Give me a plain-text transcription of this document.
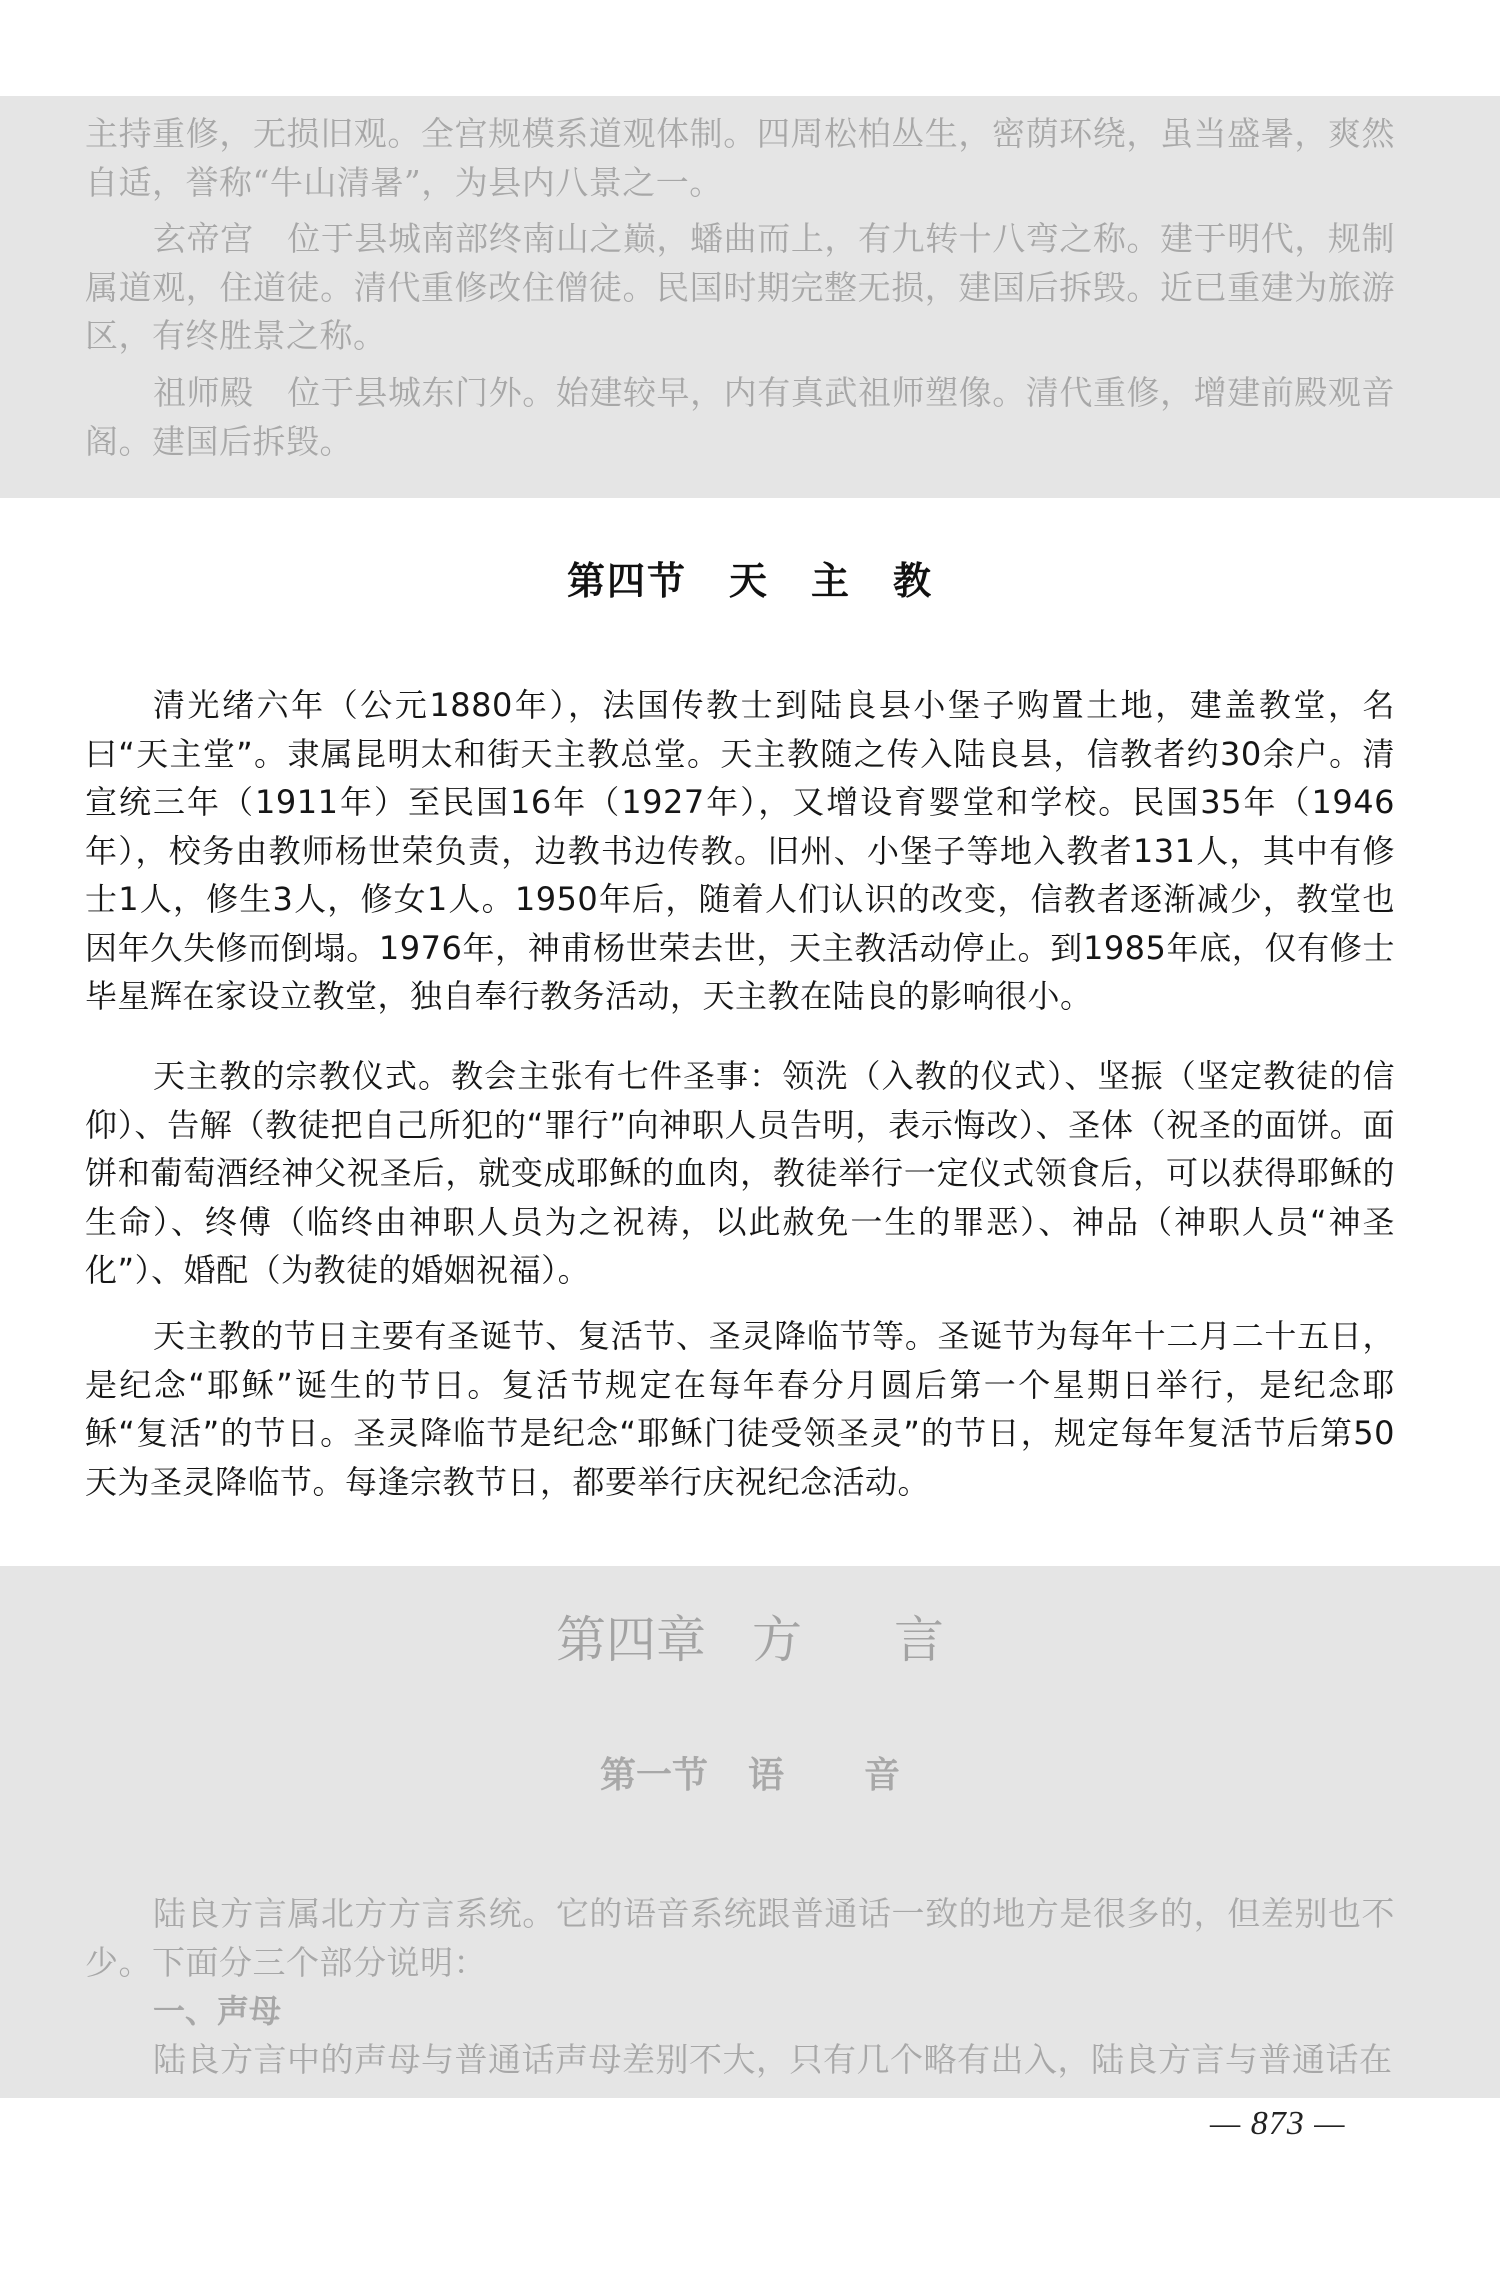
主持重修，无损旧观。全宫规模系道观体制。四周松柏丛生，密荫环绕，虽当盛暑，爽然自适，誉称“牛山清暑”，为县内八景之一。

玄帝宫　位于县城南部终南山之巅，蟠曲而上，有九转十八弯之称。建于明代，规制属道观，住道徒。清代重修改住僧徒。民国时期完整无损，建国后拆毁。近已重建为旅游区，有终胜景之称。

祖师殿　位于县城东门外。始建较早，内有真武祖师塑像。清代重修，增建前殿观音阁。建国后拆毁。

第四节 天 主 教

清光绪六年（公元1880年），法国传教士到陆良县小堡子购置土地，建盖教堂，名曰“天主堂”。隶属昆明太和街天主教总堂。天主教随之传入陆良县，信教者约30余户。清宣统三年（1911年）至民国16年（1927年），又增设育婴堂和学校。民国35年（1946年），校务由教师杨世荣负责，边教书边传教。旧州、小堡子等地入教者131人，其中有修士1人，修生3人，修女1人。1950年后，随着人们认识的改变，信教者逐渐减少，教堂也因年久失修而倒塌。1976年，神甫杨世荣去世，天主教活动停止。到1985年底，仅有修士毕星辉在家设立教堂，独自奉行教务活动，天主教在陆良的影响很小。

天主教的宗教仪式。教会主张有七件圣事：领洗（入教的仪式）、坚振（坚定教徒的信仰）、告解（教徒把自己所犯的“罪行”向神职人员告明，表示悔改）、圣体（祝圣的面饼。面饼和葡萄酒经神父祝圣后，就变成耶稣的血肉，教徒举行一定仪式领食后，可以获得耶稣的生命）、终傅（临终由神职人员为之祝祷，以此赦免一生的罪恶）、神品（神职人员“神圣化”）、婚配（为教徒的婚姻祝福）。

天主教的节日主要有圣诞节、复活节、圣灵降临节等。圣诞节为每年十二月二十五日，是纪念“耶稣”诞生的节日。复活节规定在每年春分月圆后第一个星期日举行，是纪念耶稣“复活”的节日。圣灵降临节是纪念“耶稣门徒受领圣灵”的节日，规定每年复活节后第50天为圣灵降临节。每逢宗教节日，都要举行庆祝纪念活动。

第四章 方 言
第一节 语 音

陆良方言属北方方言系统。它的语音系统跟普通话一致的地方是很多的，但差别也不少。下面分三个部分说明：

一、声母

陆良方言中的声母与普通话声母差别不大，只有几个略有出入，陆良方言与普通话在

— 873 —
